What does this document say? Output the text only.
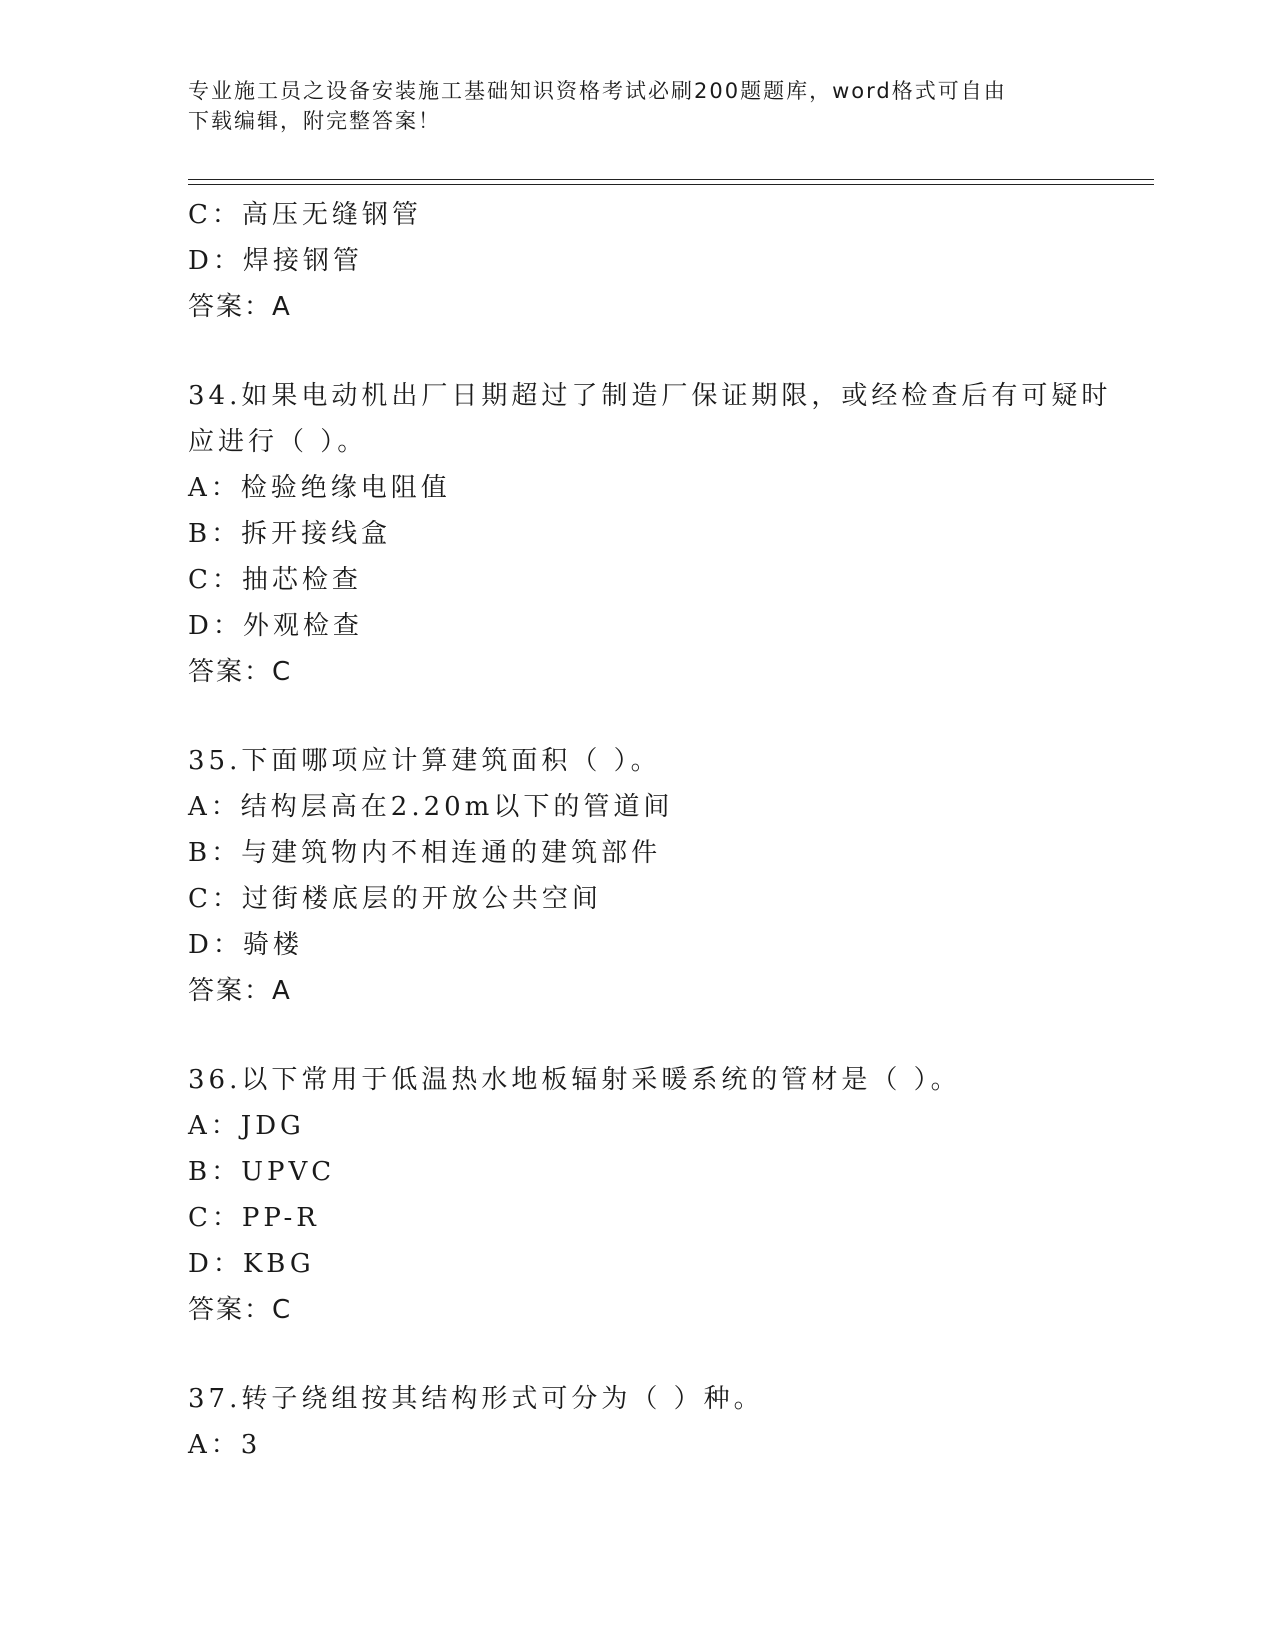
专业施工员之设备安装施工基础知识资格考试必刷200题题库，word格式可自由
下载编辑，附完整答案！
C：高压无缝钢管
D：焊接钢管
答案：A
34.如果电动机出厂日期超过了制造厂保证期限，或经检查后有可疑时
应进行（ ）。
A：检验绝缘电阻值
B：拆开接线盒
C：抽芯检查
D：外观检查
答案：C
35.下面哪项应计算建筑面积（ ）。
A：结构层高在2.20m以下的管道间
B：与建筑物内不相连通的建筑部件
C：过街楼底层的开放公共空间
D：骑楼
答案：A
36.以下常用于低温热水地板辐射采暖系统的管材是（ ）。
A：JDG
B：UPVC
C：PP-R
D：KBG
答案：C
37.转子绕组按其结构形式可分为（ ）种。
A：3
